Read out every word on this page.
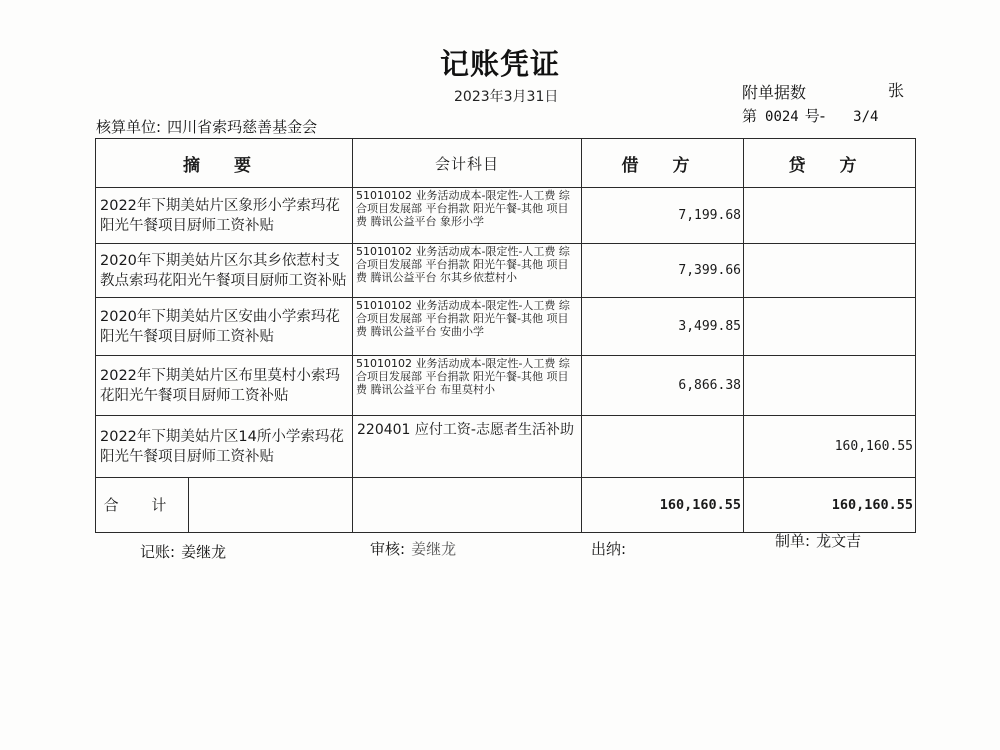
记账凭证
2023年3月31日	附单据数	张
第 0024 号- 3/4
核算单位: 四川省索玛慈善基金会
摘 要	会计科目	借 方	贷 方
2022年下期美姑片区象形小学索玛花阳光午餐项目厨师工资补贴	51010102 业务活动成本-限定性-人工费 综合项目发展部 平台捐款 阳光午餐-其他 项目费 腾讯公益平台 象形小学	7,199.68	
2020年下期美姑片区尔其乡依惹村支教点索玛花阳光午餐项目厨师工资补贴	51010102 业务活动成本-限定性-人工费 综合项目发展部 平台捐款 阳光午餐-其他 项目费 腾讯公益平台 尔其乡依惹村小	7,399.66	
2020年下期美姑片区安曲小学索玛花阳光午餐项目厨师工资补贴	51010102 业务活动成本-限定性-人工费 综合项目发展部 平台捐款 阳光午餐-其他 项目费 腾讯公益平台 安曲小学	3,499.85	
2022年下期美姑片区布里莫村小索玛花阳光午餐项目厨师工资补贴	51010102 业务活动成本-限定性-人工费 综合项目发展部 平台捐款 阳光午餐-其他 项目费 腾讯公益平台 布里莫村小	6,866.38	
2022年下期美姑片区14所小学索玛花阳光午餐项目厨师工资补贴	220401 应付工资-志愿者生活补助		160,160.55

合 计		160,160.55	160,160.55
记账: 姜继龙	审核: 姜继龙	出纳:	制单: 龙文吉
